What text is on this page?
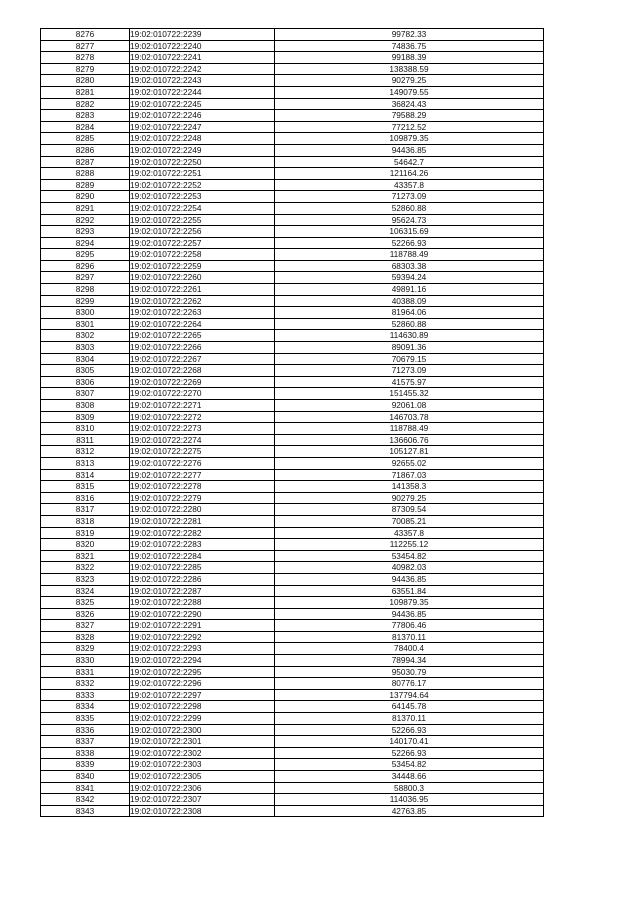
8276	19:02:010722:2239	99782.33
8277	19:02:010722:2240	74836.75
8278	19:02:010722:2241	99188.39
8279	19:02:010722:2242	138388.59
8280	19:02:010722:2243	90279.25
8281	19:02:010722:2244	149079.55
8282	19:02:010722:2245	36824.43
8283	19:02:010722:2246	79588.29
8284	19:02:010722:2247	77212.52
8285	19:02:010722:2248	109879.35
8286	19:02:010722:2249	94436.85
8287	19:02:010722:2250	54642.7
8288	19:02:010722:2251	121164.26
8289	19:02:010722:2252	43357.8
8290	19:02:010722:2253	71273.09
8291	19:02:010722:2254	52860.88
8292	19:02:010722:2255	95624.73
8293	19:02:010722:2256	106315.69
8294	19:02:010722:2257	52266.93
8295	19:02:010722:2258	118788.49
8296	19:02:010722:2259	68303.38
8297	19:02:010722:2260	59394.24
8298	19:02:010722:2261	49891.16
8299	19:02:010722:2262	40388.09
8300	19:02:010722:2263	81964.06
8301	19:02:010722:2264	52860.88
8302	19:02:010722:2265	114630.89
8303	19:02:010722:2266	89091.36
8304	19:02:010722:2267	70679.15
8305	19:02:010722:2268	71273.09
8306	19:02:010722:2269	41575.97
8307	19:02:010722:2270	151455.32
8308	19:02:010722:2271	92061.08
8309	19:02:010722:2272	146703.78
8310	19:02:010722:2273	118788.49
8311	19:02:010722:2274	136606.76
8312	19:02:010722:2275	105127.81
8313	19:02:010722:2276	92655.02
8314	19:02:010722:2277	71867.03
8315	19:02:010722:2278	141358.3
8316	19:02:010722:2279	90279.25
8317	19:02:010722:2280	87309.54
8318	19:02:010722:2281	70085.21
8319	19:02:010722:2282	43357.8
8320	19:02:010722:2283	112255.12
8321	19:02:010722:2284	53454.82
8322	19:02:010722:2285	40982.03
8323	19:02:010722:2286	94436.85
8324	19:02:010722:2287	63551.84
8325	19:02:010722:2288	109879.35
8326	19:02:010722:2290	94436.85
8327	19:02:010722:2291	77806.46
8328	19:02:010722:2292	81370.11
8329	19:02:010722:2293	78400.4
8330	19:02:010722:2294	78994.34
8331	19:02:010722:2295	95030.79
8332	19:02:010722:2296	80776.17
8333	19:02:010722:2297	137794.64
8334	19:02:010722:2298	64145.78
8335	19:02:010722:2299	81370.11
8336	19:02:010722:2300	52266.93
8337	19:02:010722:2301	140170.41
8338	19:02:010722:2302	52266.93
8339	19:02:010722:2303	53454.82
8340	19:02:010722:2305	34448.66
8341	19:02:010722:2306	58800.3
8342	19:02:010722:2307	114036.95
8343	19:02:010722:2308	42763.85
